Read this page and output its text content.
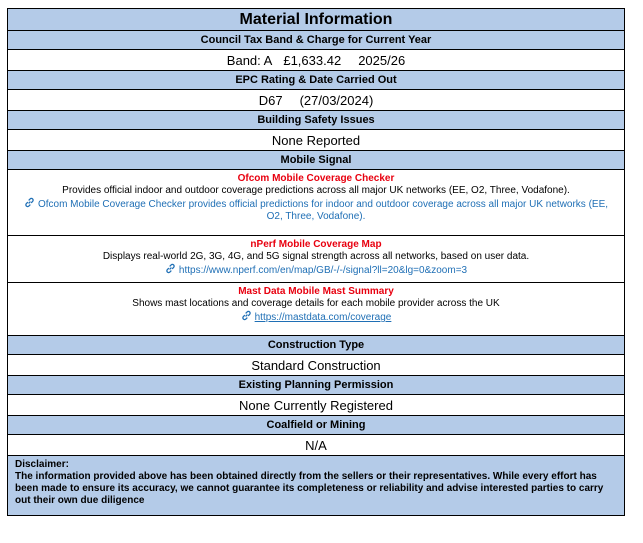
Material Information
Council Tax Band & Charge for Current Year
Band: A £1,633.42 2025/26
EPC Rating & Date Carried Out
D67 (27/03/2024)
Building Safety Issues
None Reported
Mobile Signal
Ofcom Mobile Coverage Checker
Provides official indoor and outdoor coverage predictions across all major UK networks (EE, O2, Three, Vodafone).
Ofcom Mobile Coverage Checker provides official predictions for indoor and outdoor coverage across all major UK networks (EE, O2, Three, Vodafone).
nPerf Mobile Coverage Map
Displays real-world 2G, 3G, 4G, and 5G signal strength across all networks, based on user data.
https://www.nperf.com/en/map/GB/-/-/signal?ll=20&lg=0&zoom=3
Mast Data Mobile Mast Summary
Shows mast locations and coverage details for each mobile provider across the UK
https://mastdata.com/coverage
Construction Type
Standard Construction
Existing Planning Permission
None Currently Registered
Coalfield or Mining
N/A
Disclaimer:
The information provided above has been obtained directly from the sellers or their representatives. While every effort has been made to ensure its accuracy, we cannot guarantee its completeness or reliability and advise interested parties to carry out their own due diligence
